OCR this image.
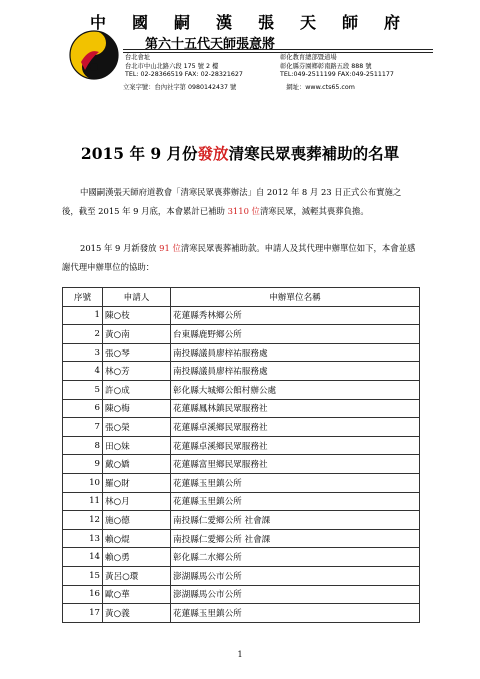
中國嗣漢張天師府
第六十五代天師張意將
台北會址
台北市中山北路六段 175 號 2 樓
TEL: 02-28366519 FAX: 02-28321627
彰化教育總部暨道場
彰化縣芬園鄉彰南路五段 888 號
TEL:049-2511199 FAX:049-2511177
立案字號：台內社字第 0980142437 號	網址：www.cts65.com
2015 年 9 月份發放清寒民眾喪葬補助的名單
中國嗣漢張天師府道教會「清寒民眾喪葬辦法」自 2012 年 8 月 23 日正式公布實施之後，截至 2015 年 9 月底，本會累計已補助 3110 位清寒民眾，減輕其喪葬負擔。
2015 年 9 月新發放 91 位清寒民眾喪葬補助款。申請人及其代理申辦單位如下，本會並感謝代理申辦單位的協助：
序號	申請人	申辦單位名稱
1	陳○枝	花蓮縣秀林鄉公所
2	黃○南	台東縣鹿野鄉公所
3	張○琴	南投縣議員廖梓祐服務處
4	林○芳	南投縣議員廖梓祐服務處
5	許○成	彰化縣大城鄉公館村辦公處
6	陳○梅	花蓮縣鳳林鎮民眾服務社
7	張○榮	花蓮縣卓溪鄉民眾服務社
8	田○妹	花蓮縣卓溪鄉民眾服務社
9	戴○嬌	花蓮縣富里鄉民眾服務社
10	羅○財	花蓮縣玉里鎮公所
11	林○月	花蓮縣玉里鎮公所
12	施○德	南投縣仁愛鄉公所 社會課
13	賴○焜	南投縣仁愛鄉公所 社會課
14	賴○勇	彰化縣二水鄉公所
15	黃呂○環	澎湖縣馬公市公所
16	歐○華	澎湖縣馬公市公所
17	黃○義	花蓮縣玉里鎮公所
1
